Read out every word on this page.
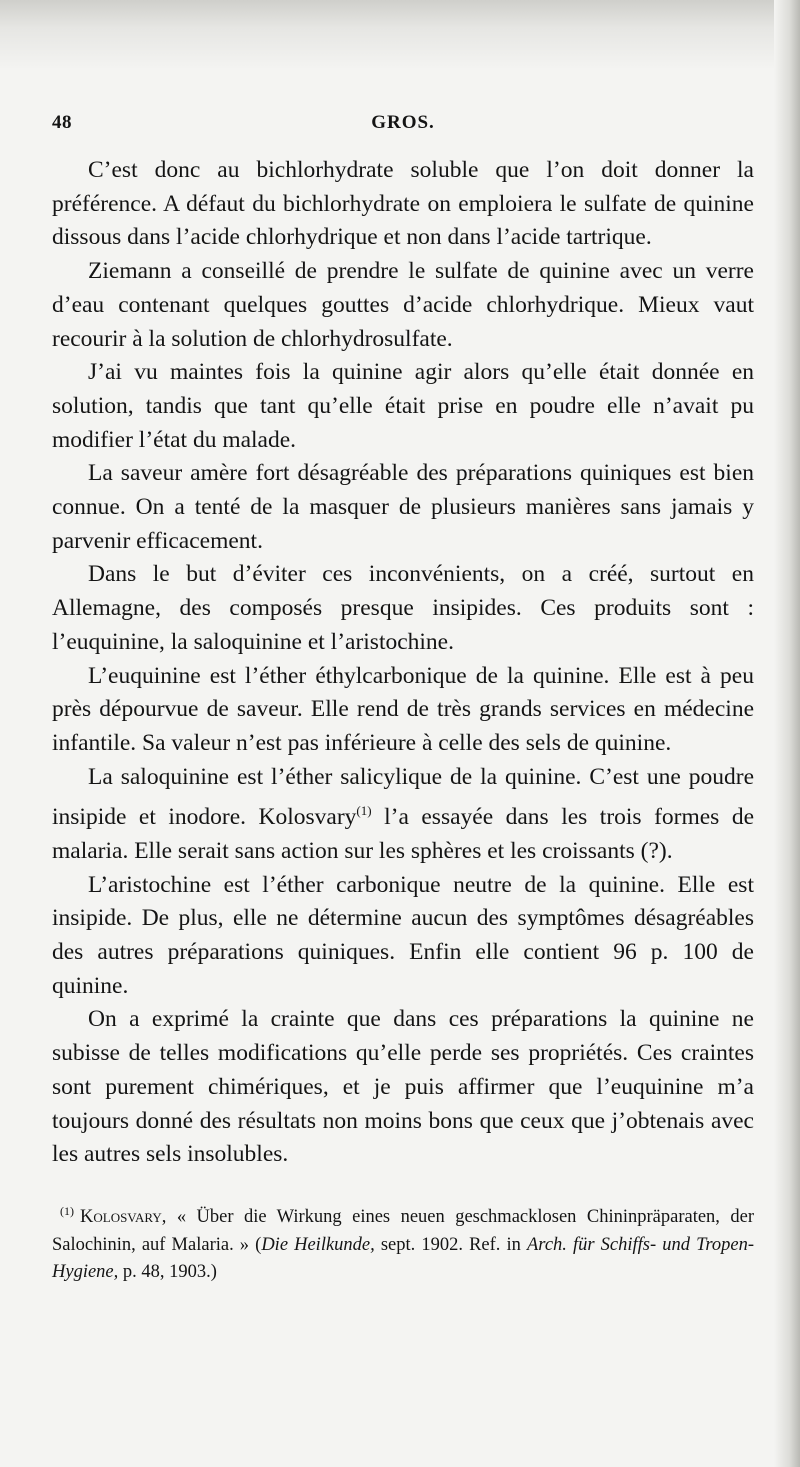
48	GROS.

C’est donc au bichlorhydrate soluble que l’on doit donner la préférence. A défaut du bichlorhydrate on emploiera le sulfate de quinine dissous dans l’acide chlorhydrique et non dans l’acide tartrique.

Ziemann a conseillé de prendre le sulfate de quinine avec un verre d’eau contenant quelques gouttes d’acide chlorhydrique. Mieux vaut recourir à la solution de chlorhydrosulfate.

J’ai vu maintes fois la quinine agir alors qu’elle était donnée en solution, tandis que tant qu’elle était prise en poudre elle n’avait pu modifier l’état du malade.

La saveur amère fort désagréable des préparations quiniques est bien connue. On a tenté de la masquer de plusieurs manières sans jamais y parvenir efficacement.

Dans le but d’éviter ces inconvénients, on a créé, surtout en Allemagne, des composés presque insipides. Ces produits sont : l’euquinine, la saloquinine et l’aristochine.

L’euquinine est l’éther éthylcarbonique de la quinine. Elle est à peu près dépourvue de saveur. Elle rend de très grands services en médecine infantile. Sa valeur n’est pas inférieure à celle des sels de quinine.

La saloquinine est l’éther salicylique de la quinine. C’est une poudre insipide et inodore. Kolosvary$^{(1)}$ l’a essayée dans les trois formes de malaria. Elle serait sans action sur les sphères et les croissants (?).

L’aristochine est l’éther carbonique neutre de la quinine. Elle est insipide. De plus, elle ne détermine aucun des symptômes désagréables des autres préparations quiniques. Enfin elle contient 96 p. 100 de quinine.

On a exprimé la crainte que dans ces préparations la quinine ne subisse de telles modifications qu’elle perde ses propriétés. Ces craintes sont purement chimériques, et je puis affirmer que l’euquinine m’a toujours donné des résultats non moins bons que ceux que j’obtenais avec les autres sels insolubles.

$^{(1)}$ Kolosvary, « Über die Wirkung eines neuen geschmacklosen Chininpräparaten, der Salochinin, auf Malaria. » (Die Heilkunde, sept. 1902. Ref. in Arch. für Schiffs- und Tropen-Hygiene, p. 48, 1903.)
